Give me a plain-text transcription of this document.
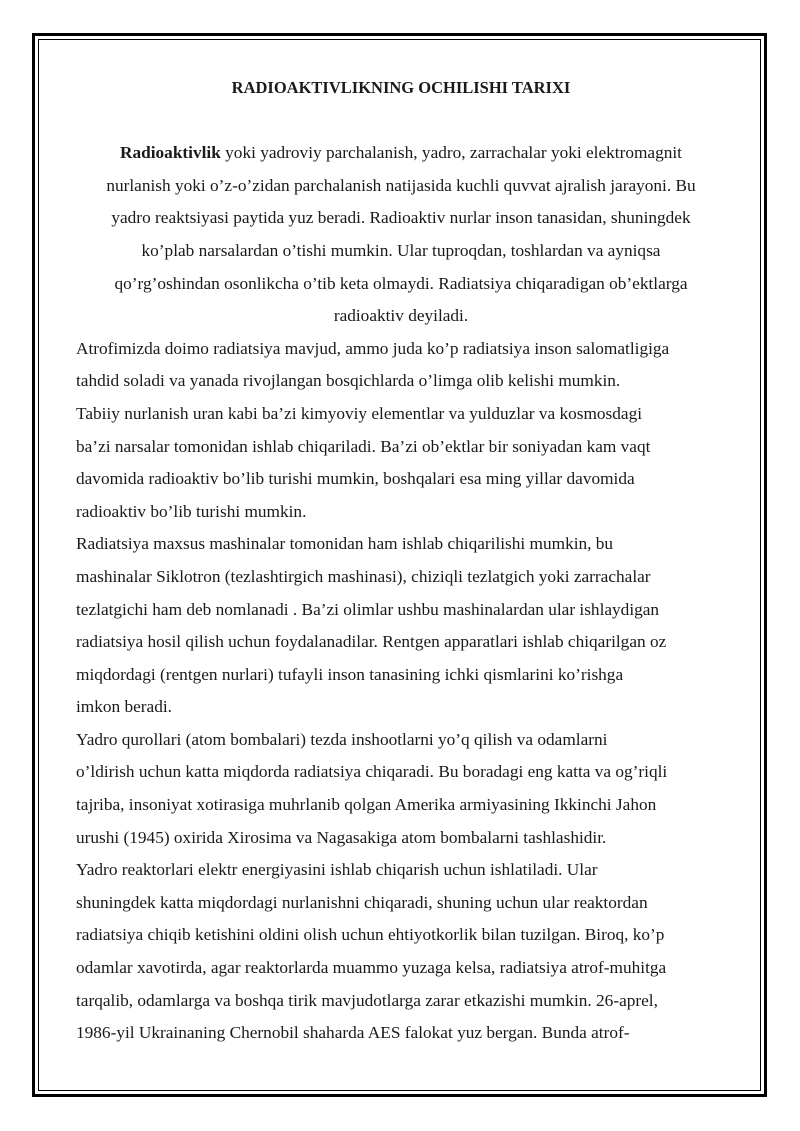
RADIOAKTIVLIKNING OCHILISHI TARIXI

Radioaktivlik yoki yadroviy parchalanish, yadro, zarrachalar yoki elektromagnit
nurlanish yoki o’z-o’zidan parchalanish natijasida kuchli quvvat ajralish jarayoni. Bu
yadro reaktsiyasi paytida yuz beradi. Radioaktiv nurlar inson tanasidan, shuningdek
ko’plab narsalardan o’tishi mumkin. Ular tuproqdan, toshlardan va ayniqsa
qo’rg’oshindan osonlikcha o’tib keta olmaydi. Radiatsiya chiqaradigan ob’ektlarga
radioaktiv deyiladi.

Atrofimizda doimo radiatsiya mavjud, ammo juda ko’p radiatsiya inson salomatligiga
tahdid soladi va yanada rivojlangan bosqichlarda o’limga olib kelishi mumkin.
Tabiiy nurlanish uran kabi ba’zi kimyoviy elementlar va yulduzlar va kosmosdagi
ba’zi narsalar tomonidan ishlab chiqariladi. Ba’zi ob’ektlar bir soniyadan kam vaqt
davomida radioaktiv bo’lib turishi mumkin, boshqalari esa ming yillar davomida
radioaktiv bo’lib turishi mumkin.

Radiatsiya maxsus mashinalar tomonidan ham ishlab chiqarilishi mumkin, bu
mashinalar Siklotron (tezlashtirgich mashinasi), chiziqli tezlatgich yoki zarrachalar
tezlatgichi ham deb nomlanadi . Ba’zi olimlar ushbu mashinalardan ular ishlaydigan
radiatsiya hosil qilish uchun foydalanadilar. Rentgen apparatlari ishlab chiqarilgan oz
miqdordagi (rentgen nurlari) tufayli inson tanasining ichki qismlarini ko’rishga
imkon beradi.

Yadro qurollari (atom bombalari) tezda inshootlarni yo’q qilish va odamlarni
o’ldirish uchun katta miqdorda radiatsiya chiqaradi. Bu boradagi eng katta va og’riqli
tajriba, insoniyat xotirasiga muhrlanib qolgan Amerika armiyasining Ikkinchi Jahon
urushi (1945) oxirida Xirosima va Nagasakiga atom bombalarni tashlashidir.

Yadro reaktorlari elektr energiyasini ishlab chiqarish uchun ishlatiladi. Ular
shuningdek katta miqdordagi nurlanishni chiqaradi, shuning uchun ular reaktordan
radiatsiya chiqib ketishini oldini olish uchun ehtiyotkorlik bilan tuzilgan. Biroq, ko’p
odamlar xavotirda, agar reaktorlarda muammo yuzaga kelsa, radiatsiya atrof-muhitga
tarqalib, odamlarga va boshqa tirik mavjudotlarga zarar etkazishi mumkin. 26-aprel,
1986-yil Ukrainaning Chernobil shaharda AES falokat yuz bergan. Bunda atrof-
